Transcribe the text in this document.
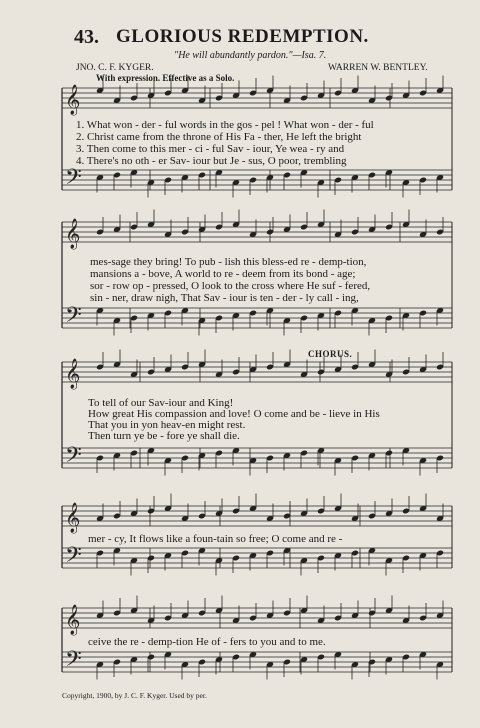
43. GLORIOUS REDEMPTION.
"He will abundantly pardon."—Isa. 7.
JNO. C. F. KYGER.	WARREN W. BENTLEY.
With expression. Effective as a Solo.
CHORUS.
𝄞
𝄢
𝄞
𝄢
𝄞
𝄢
𝄞
𝄢
𝄞
𝄢
1. What won - der - ful words in the gos - pel ! What won - der - ful
2. Christ came from the throne of His Fa - ther, He left the bright
3. Then come to this mer - ci - ful Sav - iour, Ye wea - ry and
4. There's no oth - er Sav- iour but Je - sus, O poor, trembling
mes-sage they bring! To pub - lish this bless-ed re - demp-tion,
mansions a - bove, A world to re - deem from its bond - age;
sor - row op - pressed, O look to the cross where He suf - fered,
sin - ner, draw nigh, That Sav - iour is ten - der - ly call - ing,
To tell of our Sav-iour and King!
How great His compassion and love! O come and be - lieve in His
That you in yon heav-en might rest.
Then turn ye be - fore ye shall die.
mer - cy, It flows like a foun-tain so free; O come and re -
ceive the re - demp-tion He of - fers to you and to me.
Copyright, 1900, by J. C. F. Kyger. Used by per.
